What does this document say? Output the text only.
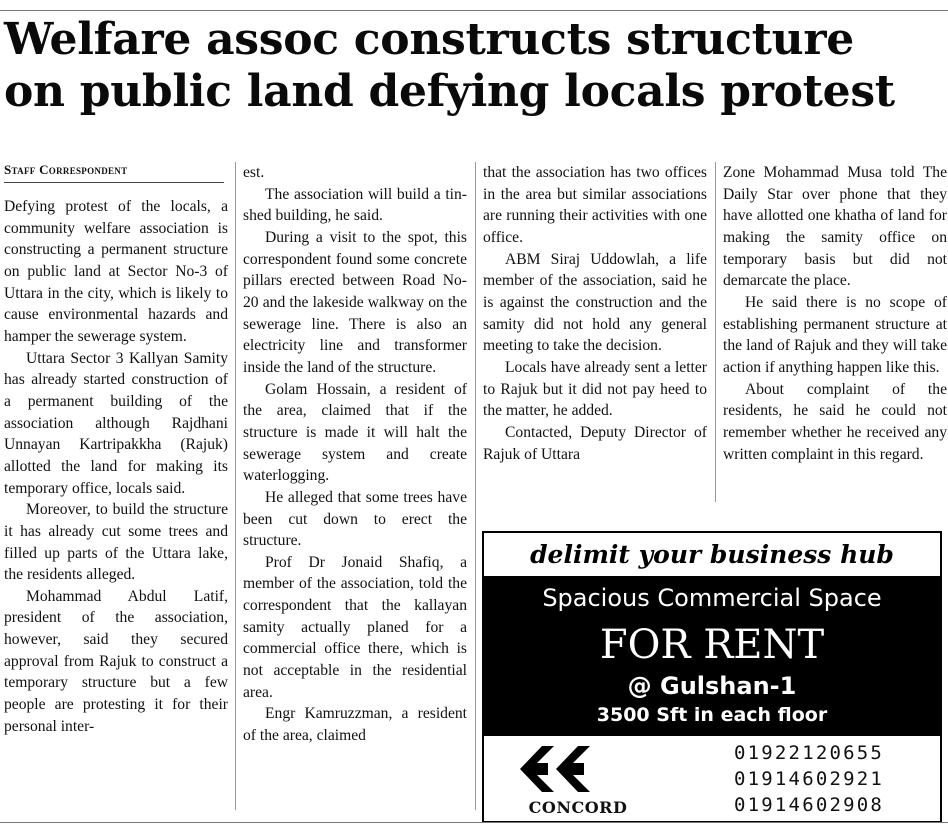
Welfare assoc constructs structure
on public land defying locals protest
Staff Correspondent

Defying protest of the locals, a community welfare association is constructing a permanent structure on public land at Sector No-3 of Uttara in the city, which is likely to cause environmental hazards and hamper the sewerage system.

Uttara Sector 3 Kallyan Samity has already started construction of a permanent building of the association although Rajdhani Unnayan Kartripakkha (Rajuk) allotted the land for making its temporary office, locals said.

Moreover, to build the structure it has already cut some trees and filled up parts of the Uttara lake, the residents alleged.

Mohammad Abdul Latif, president of the association, however, said they secured approval from Rajuk to construct a temporary structure but a few people are protesting it for their personal inter-

est.

The association will build a tin-shed building, he said.

During a visit to the spot, this correspondent found some concrete pillars erected between Road No-20 and the lakeside walkway on the sewerage line. There is also an electricity line and transformer inside the land of the structure.

Golam Hossain, a resident of the area, claimed that if the structure is made it will halt the sewerage system and create waterlogging.

He alleged that some trees have been cut down to erect the structure.

Prof Dr Jonaid Shafiq, a member of the association, told the correspondent that the kallayan samity actually planed for a commercial office there, which is not acceptable in the residential area.

Engr Kamruzzman, a resident of the area, claimed

that the association has two offices in the area but similar associations are running their activities with one office.

ABM Siraj Uddowlah, a life member of the association, said he is against the construction and the samity did not hold any general meeting to take the decision.

Locals have already sent a letter to Rajuk but it did not pay heed to the matter, he added.

Contacted, Deputy Director of Rajuk of Uttara

Zone Mohammad Musa told The Daily Star over phone that they have allotted one khatha of land for making the samity office on temporary basis but did not demarcate the place.

He said there is no scope of establishing permanent structure at the land of Rajuk and they will take action if anything happen like this.

About complaint of the residents, he said he could not remember whether he received any written complaint in this regard.

delimit your business hub
Spacious Commercial Space
FOR RENT
@ Gulshan-1
3500 Sft in each floor
CONCORD
01922120655
01914602921
01914602908
